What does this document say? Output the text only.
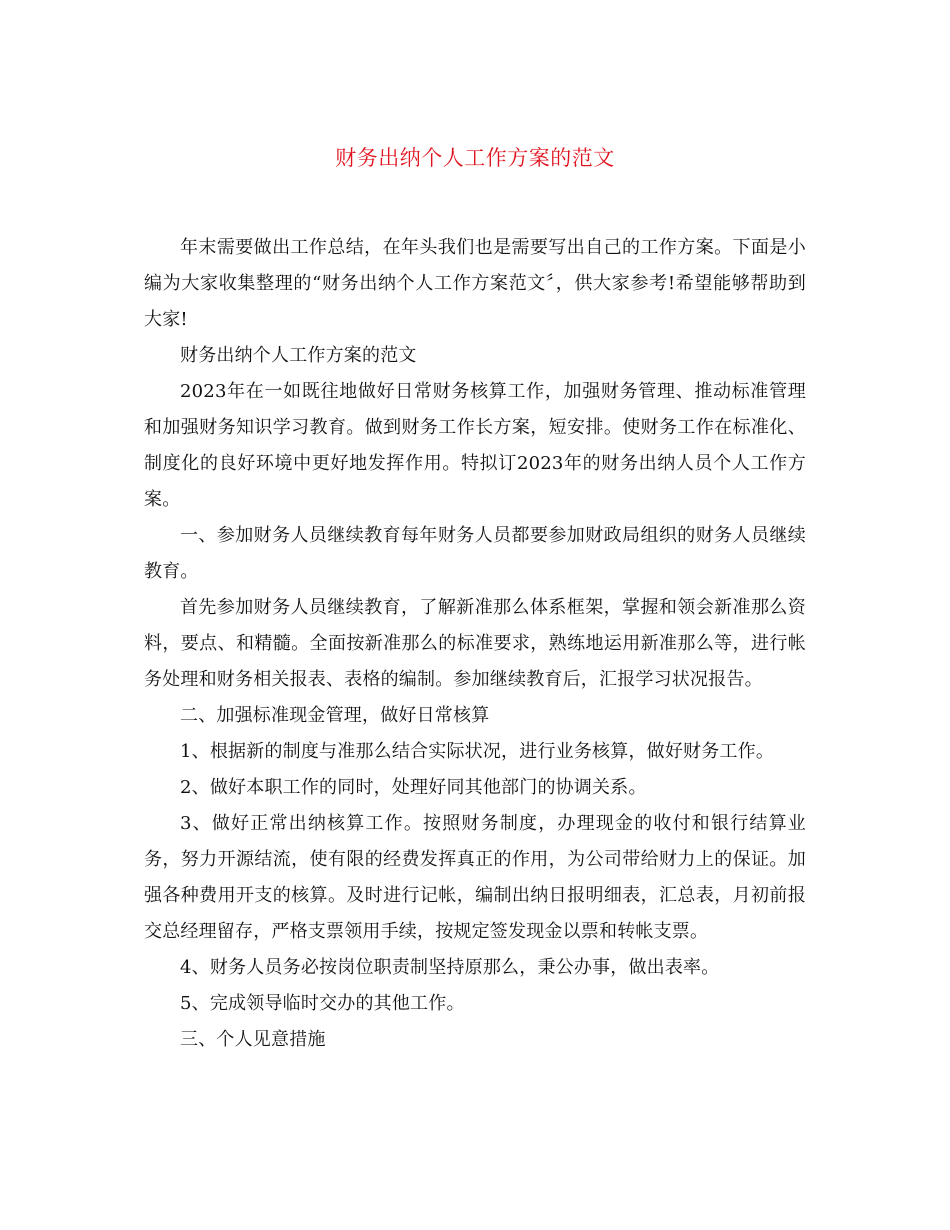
财务出纳个人工作方案的范文

年末需要做出工作总结，在年头我们也是需要写出自己的工作方案。下面是小编为大家收集整理的“财务出纳个人工作方案范文〞，供大家参考!希望能够帮助到大家!

财务出纳个人工作方案的范文

2023年在一如既往地做好日常财务核算工作，加强财务管理、推动标准管理和加强财务知识学习教育。做到财务工作长方案，短安排。使财务工作在标准化、制度化的良好环境中更好地发挥作用。特拟订2023年的财务出纳人员个人工作方案。

一、参加财务人员继续教育每年财务人员都要参加财政局组织的财务人员继续教育。

首先参加财务人员继续教育，了解新准那么体系框架，掌握和领会新准那么资料，要点、和精髓。全面按新准那么的标准要求，熟练地运用新准那么等，进行帐务处理和财务相关报表、表格的编制。参加继续教育后，汇报学习状况报告。

二、加强标准现金管理，做好日常核算

1、根据新的制度与准那么结合实际状况，进行业务核算，做好财务工作。

2、做好本职工作的同时，处理好同其他部门的协调关系。

3、做好正常出纳核算工作。按照财务制度，办理现金的收付和银行结算业务，努力开源结流，使有限的经费发挥真正的作用，为公司带给财力上的保证。加强各种费用开支的核算。及时进行记帐，编制出纳日报明细表，汇总表，月初前报交总经理留存，严格支票领用手续，按规定签发现金以票和转帐支票。

4、财务人员务必按岗位职责制坚持原那么，秉公办事，做出表率。

5、完成领导临时交办的其他工作。

三、个人见意措施
